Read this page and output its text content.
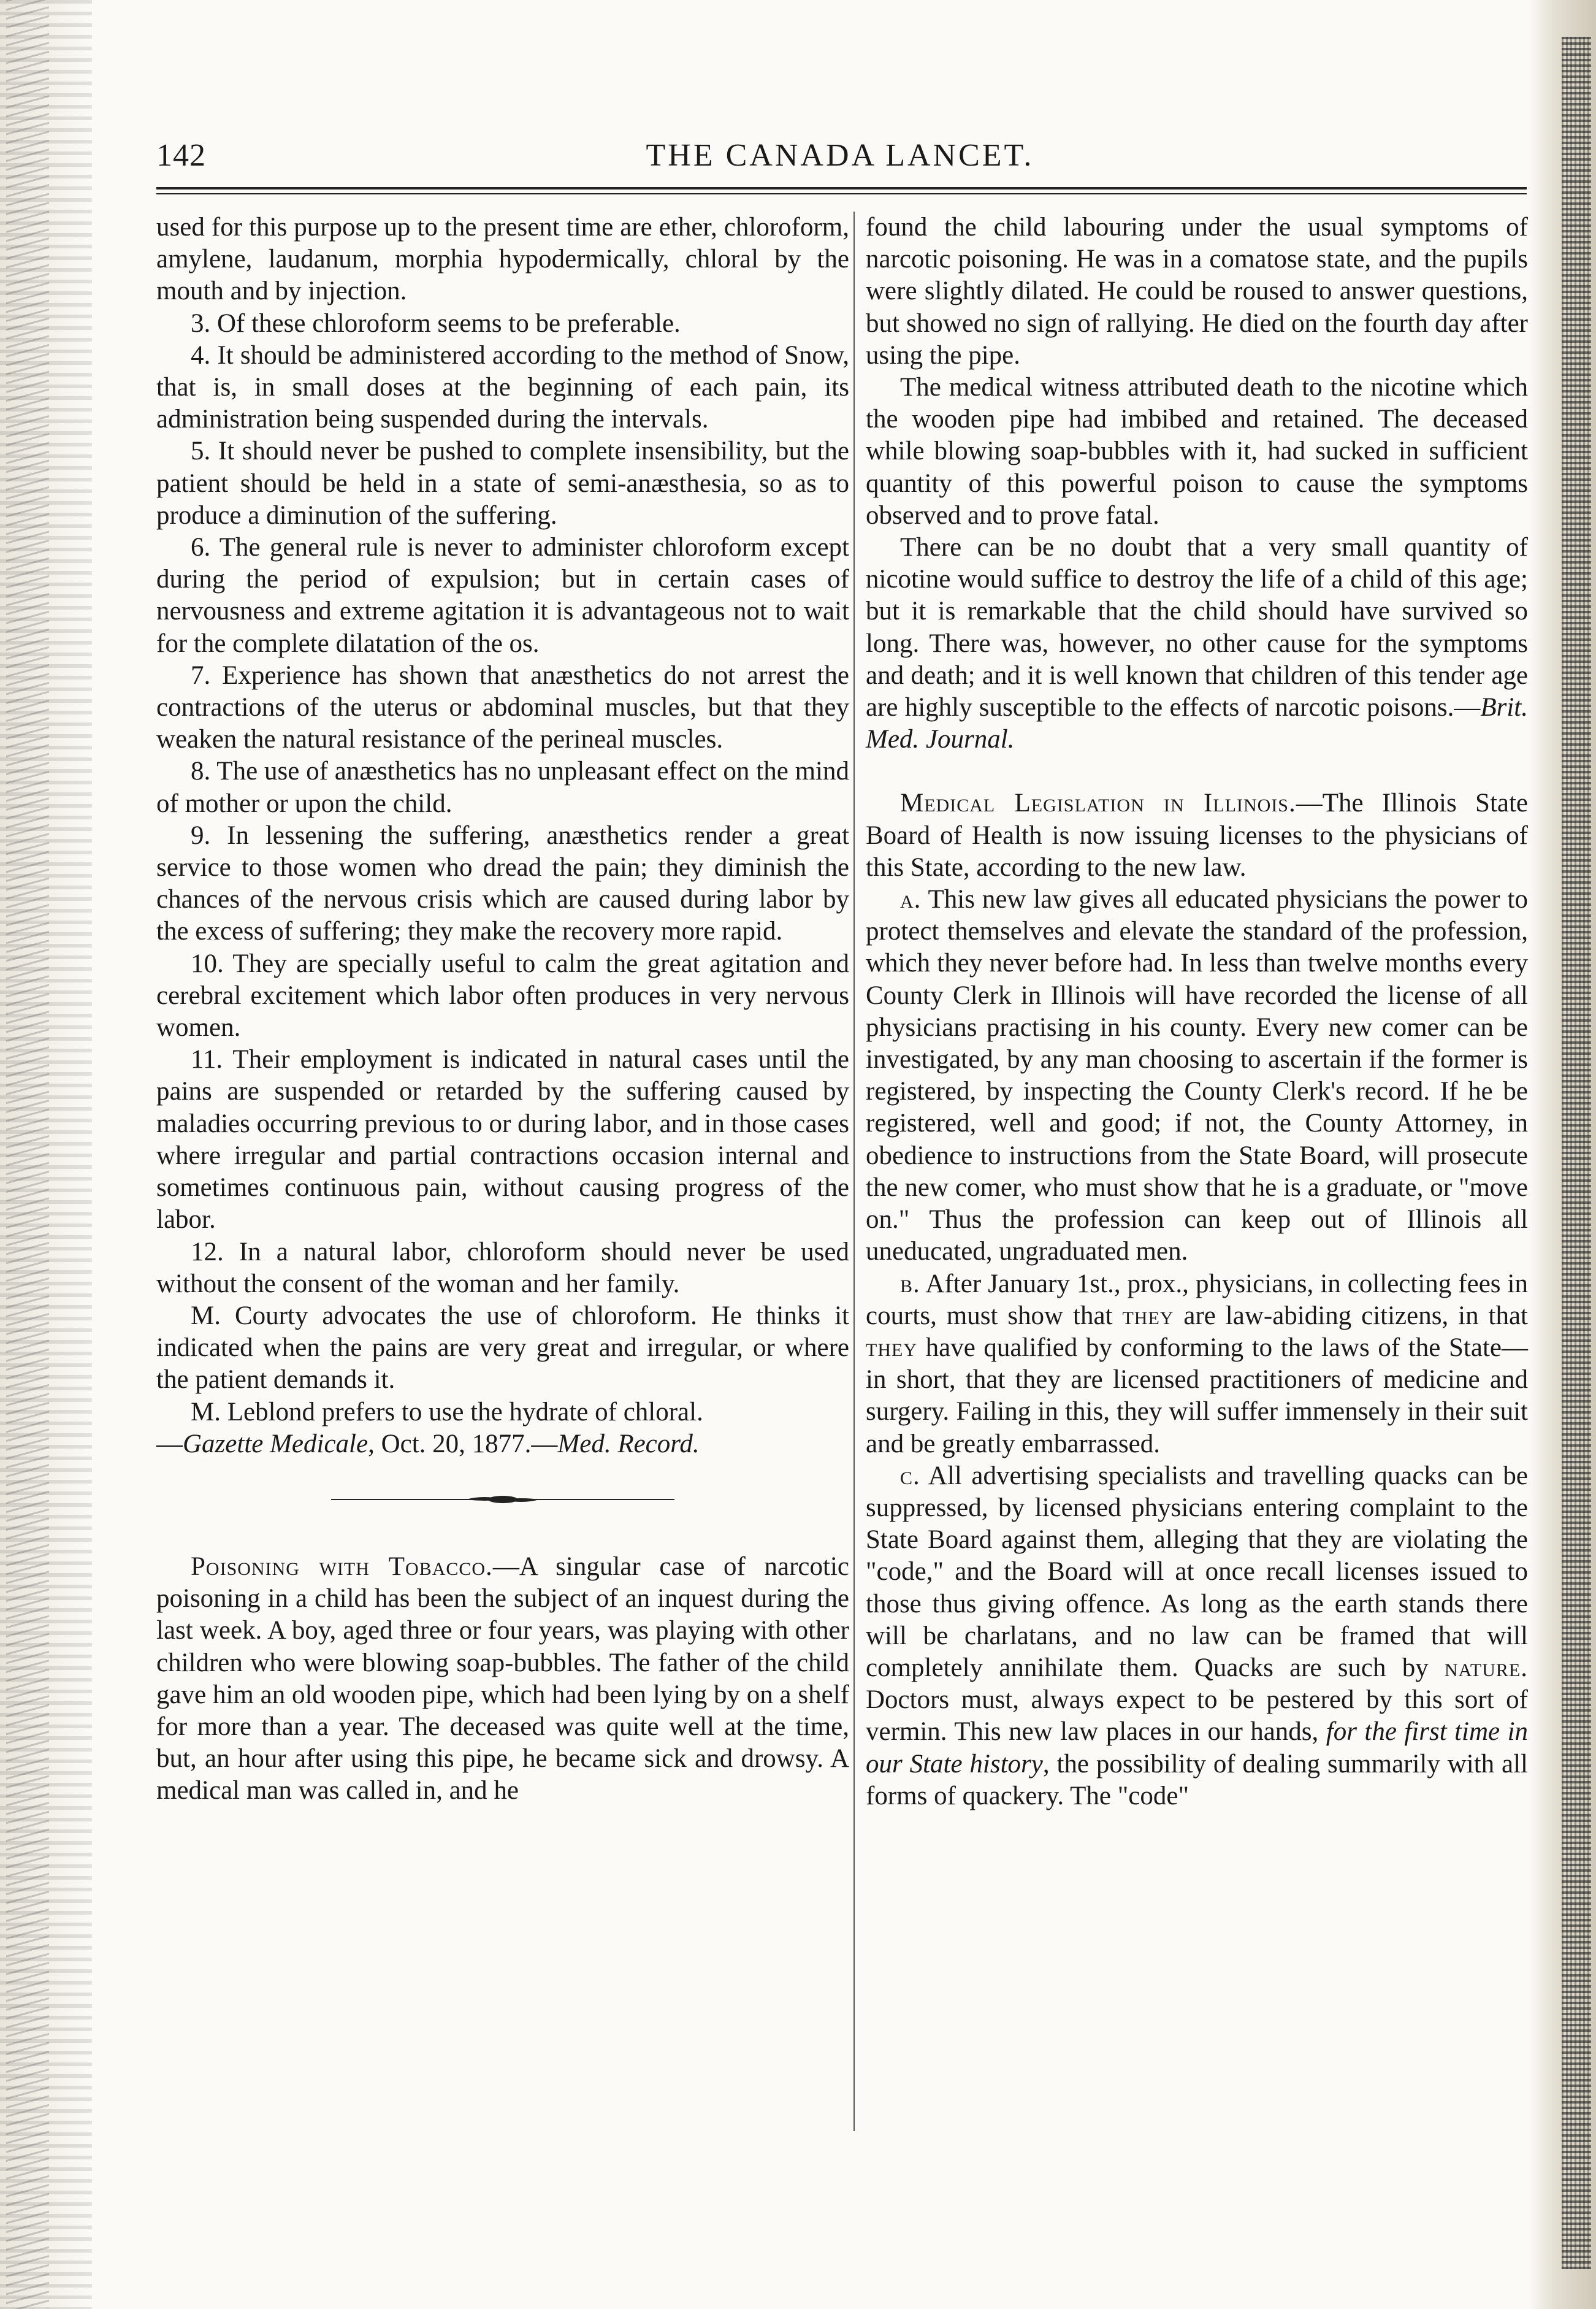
142	THE CANADA LANCET.

used for this purpose up to the present time are ether, chloroform, amylene, laudanum, morphia hypodermically, chloral by the mouth and by injection.

3. Of these chloroform seems to be preferable.

4. It should be administered according to the method of Snow, that is, in small doses at the beginning of each pain, its administration being suspended during the intervals.

5. It should never be pushed to complete insensibility, but the patient should be held in a state of semi-anæsthesia, so as to produce a diminution of the suffering.

6. The general rule is never to administer chloroform except during the period of expulsion; but in certain cases of nervousness and extreme agitation it is advantageous not to wait for the complete dilatation of the os.

7. Experience has shown that anæsthetics do not arrest the contractions of the uterus or abdominal muscles, but that they weaken the natural resistance of the perineal muscles.

8. The use of anæsthetics has no unpleasant effect on the mind of mother or upon the child.

9. In lessening the suffering, anæsthetics render a great service to those women who dread the pain; they diminish the chances of the nervous crisis which are caused during labor by the excess of suffering; they make the recovery more rapid.

10. They are specially useful to calm the great agitation and cerebral excitement which labor often produces in very nervous women.

11. Their employment is indicated in natural cases until the pains are suspended or retarded by the suffering caused by maladies occurring previous to or during labor, and in those cases where irregular and partial contractions occasion internal and sometimes continuous pain, without causing progress of the labor.

12. In a natural labor, chloroform should never be used without the consent of the woman and her family.

M. Courty advocates the use of chloroform. He thinks it indicated when the pains are very great and irregular, or where the patient demands it.

M. Leblond prefers to use the hydrate of chloral.

—Gazette Medicale, Oct. 20, 1877.—Med. Record.

Poisoning with Tobacco.—A singular case of narcotic poisoning in a child has been the subject of an inquest during the last week. A boy, aged three or four years, was playing with other children who were blowing soap-bubbles. The father of the child gave him an old wooden pipe, which had been lying by on a shelf for more than a year. The deceased was quite well at the time, but, an hour after using this pipe, he became sick and drowsy. A medical man was called in, and he

found the child labouring under the usual symptoms of narcotic poisoning. He was in a comatose state, and the pupils were slightly dilated. He could be roused to answer questions, but showed no sign of rallying. He died on the fourth day after using the pipe.

The medical witness attributed death to the nicotine which the wooden pipe had imbibed and retained. The deceased while blowing soap-bubbles with it, had sucked in sufficient quantity of this powerful poison to cause the symptoms observed and to prove fatal.

There can be no doubt that a very small quantity of nicotine would suffice to destroy the life of a child of this age; but it is remarkable that the child should have survived so long. There was, however, no other cause for the symptoms and death; and it is well known that children of this tender age are highly susceptible to the effects of narcotic poisons.—Brit. Med. Journal.

Medical Legislation in Illinois.—The Illinois State Board of Health is now issuing licenses to the physicians of this State, according to the new law.

a. This new law gives all educated physicians the power to protect themselves and elevate the standard of the profession, which they never before had. In less than twelve months every County Clerk in Illinois will have recorded the license of all physicians practising in his county. Every new comer can be investigated, by any man choosing to ascertain if the former is registered, by inspecting the County Clerk's record. If he be registered, well and good; if not, the County Attorney, in obedience to instructions from the State Board, will prosecute the new comer, who must show that he is a graduate, or "move on." Thus the profession can keep out of Illinois all uneducated, ungraduated men.

b. After January 1st., prox., physicians, in collecting fees in courts, must show that they are law-abiding citizens, in that they have qualified by conforming to the laws of the State—in short, that they are licensed practitioners of medicine and surgery. Failing in this, they will suffer immensely in their suit and be greatly embarrassed.

c. All advertising specialists and travelling quacks can be suppressed, by licensed physicians entering complaint to the State Board against them, alleging that they are violating the "code," and the Board will at once recall licenses issued to those thus giving offence. As long as the earth stands there will be charlatans, and no law can be framed that will completely annihilate them. Quacks are such by nature. Doctors must, always expect to be pestered by this sort of vermin. This new law places in our hands, for the first time in our State history, the possibility of dealing summarily with all forms of quackery. The "code"
